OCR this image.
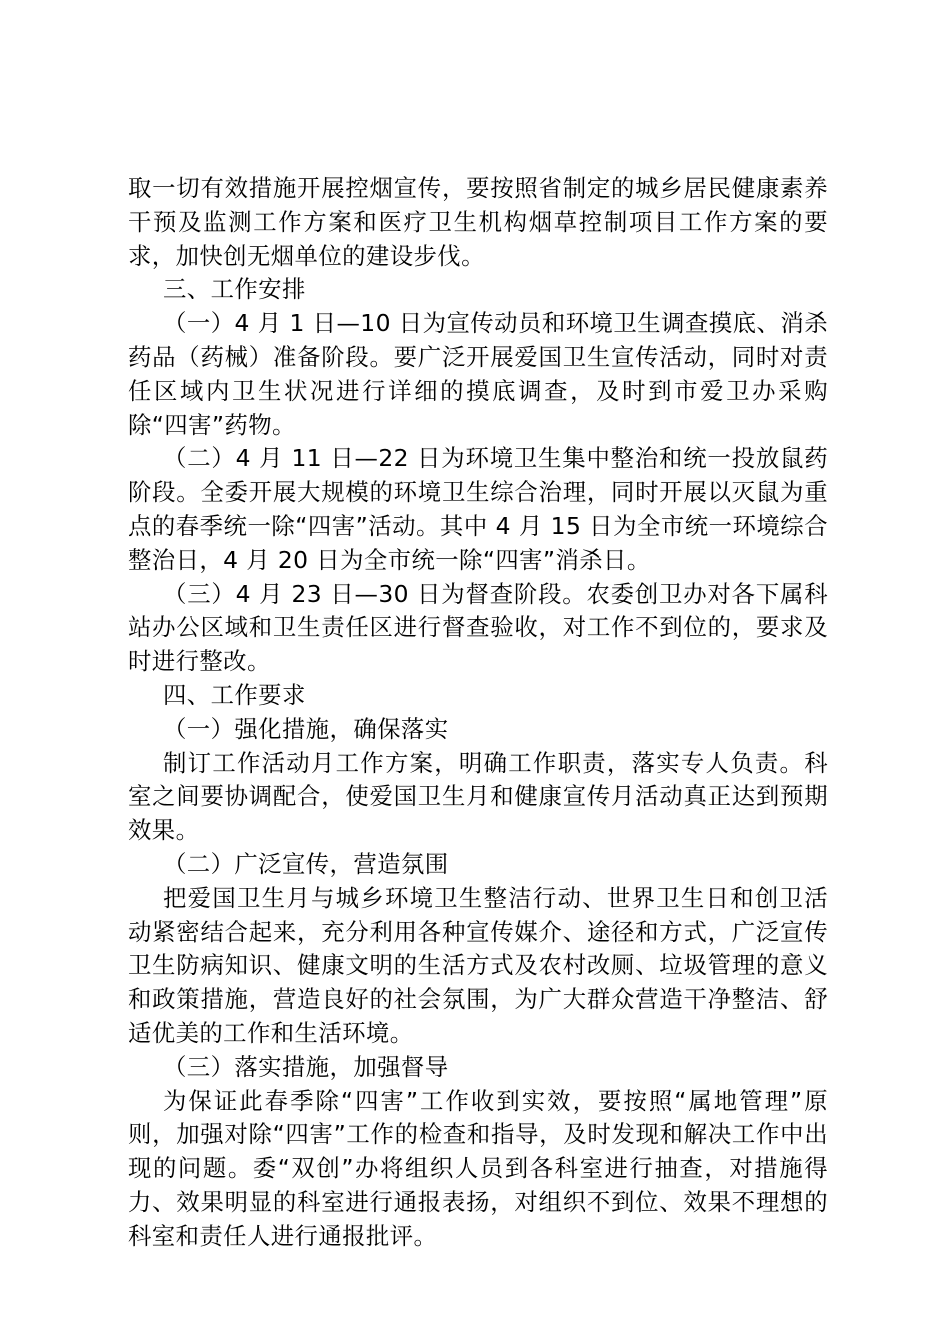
取一切有效措施开展控烟宣传，要按照省制定的城乡居民健康素养干预及监测工作方案和医疗卫生机构烟草控制项目工作方案的要求，加快创无烟单位的建设步伐。

三、工作安排

（一）4 月 1 日—10 日为宣传动员和环境卫生调查摸底、消杀药品（药械）准备阶段。要广泛开展爱国卫生宣传活动，同时对责任区域内卫生状况进行详细的摸底调查，及时到市爱卫办采购除“四害”药物。

（二）4 月 11 日—22 日为环境卫生集中整治和统一投放鼠药阶段。全委开展大规模的环境卫生综合治理，同时开展以灭鼠为重点的春季统一除“四害”活动。其中 4 月 15 日为全市统一环境综合整治日，4 月 20 日为全市统一除“四害”消杀日。

（三）4 月 23 日—30 日为督查阶段。农委创卫办对各下属科站办公区域和卫生责任区进行督查验收，对工作不到位的，要求及时进行整改。

四、工作要求

（一）强化措施，确保落实

制订工作活动月工作方案，明确工作职责，落实专人负责。科室之间要协调配合，使爱国卫生月和健康宣传月活动真正达到预期效果。

（二）广泛宣传，营造氛围

把爱国卫生月与城乡环境卫生整洁行动、世界卫生日和创卫活动紧密结合起来，充分利用各种宣传媒介、途径和方式，广泛宣传卫生防病知识、健康文明的生活方式及农村改厕、垃圾管理的意义和政策措施，营造良好的社会氛围，为广大群众营造干净整洁、舒适优美的工作和生活环境。

（三）落实措施，加强督导

为保证此春季除“四害”工作收到实效，要按照“属地管理”原则，加强对除“四害”工作的检查和指导，及时发现和解决工作中出现的问题。委“双创”办将组织人员到各科室进行抽查，对措施得力、效果明显的科室进行通报表扬，对组织不到位、效果不理想的科室和责任人进行通报批评。
